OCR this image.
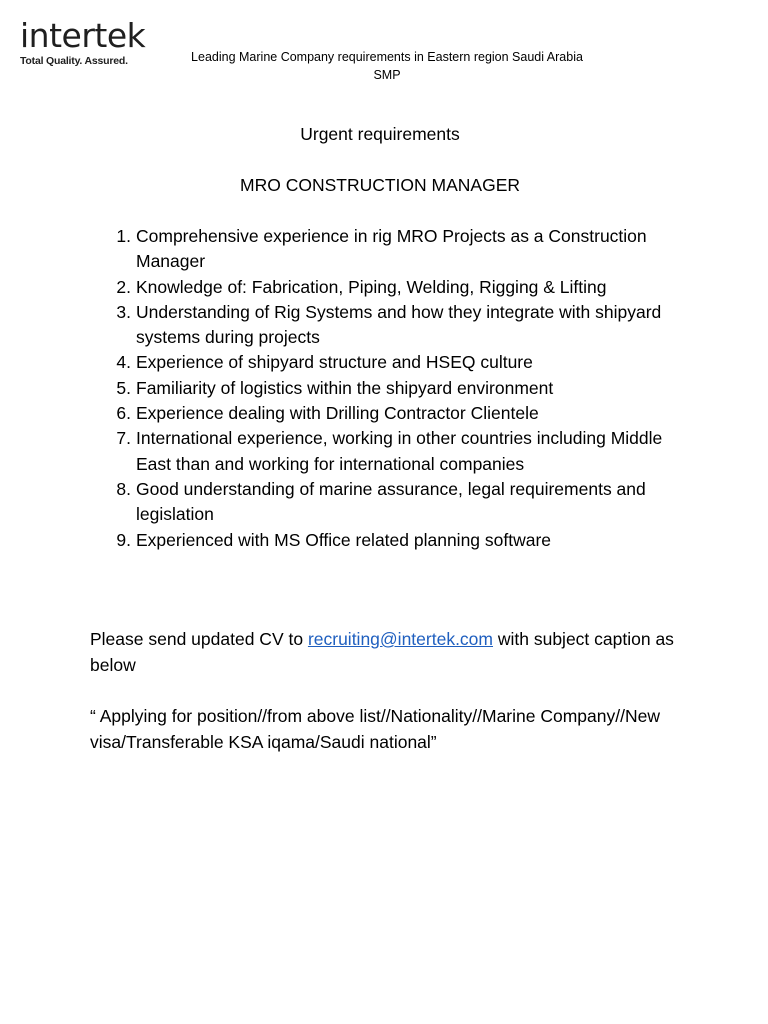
intertek
Total Quality. Assured.	Leading Marine Company requirements in Eastern region Saudi Arabia
SMP
Urgent requirements
MRO CONSTRUCTION MANAGER
1. Comprehensive experience in rig MRO Projects as a Construction Manager
2. Knowledge of: Fabrication, Piping, Welding, Rigging & Lifting
3. Understanding of Rig Systems and how they integrate with shipyard systems during projects
4. Experience of shipyard structure and HSEQ culture
5. Familiarity of logistics within the shipyard environment
6. Experience dealing with Drilling Contractor Clientele
7. International experience, working in other countries including Middle East than and working for international companies
8. Good understanding of marine assurance, legal requirements and legislation
9. Experienced with MS Office related planning software

Please send updated CV to recruiting@intertek.com with subject caption as below

“ Applying for position//from above list//Nationality//Marine Company//New visa/Transferable KSA iqama/Saudi national”
